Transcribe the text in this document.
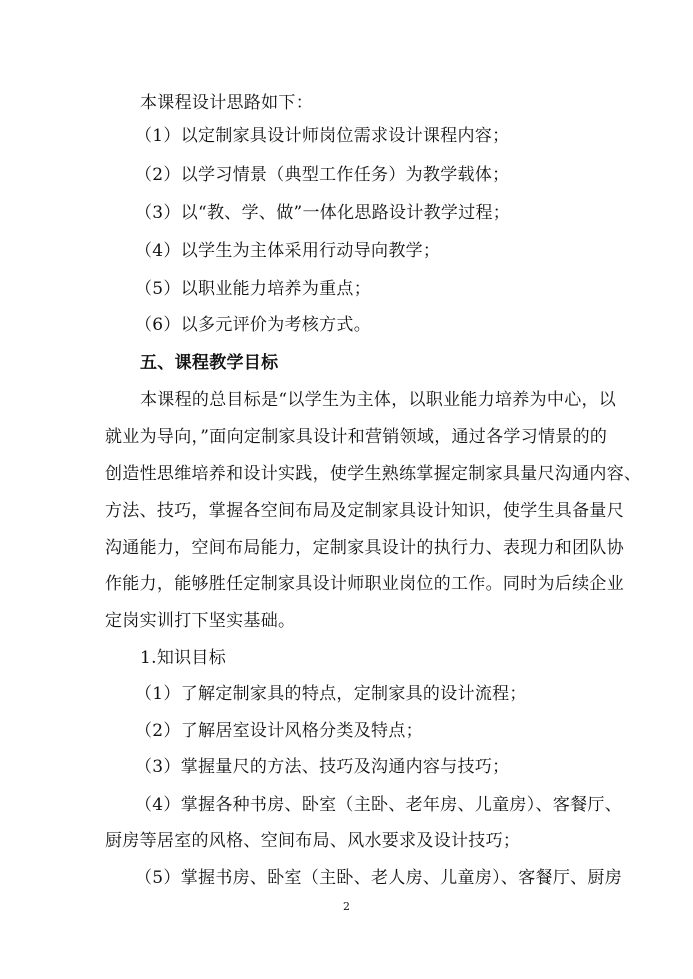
本课程设计思路如下：
（1）以定制家具设计师岗位需求设计课程内容；
（2）以学习情景（典型工作任务）为教学载体；
（3）以“教、学、做”一体化思路设计教学过程；
（4）以学生为主体采用行动导向教学；
（5）以职业能力培养为重点；
（6）以多元评价为考核方式。
五、课程教学目标
本课程的总目标是“以学生为主体，以职业能力培养为中心，以
就业为导向，”面向定制家具设计和营销领域，通过各学习情景的的
创造性思维培养和设计实践，使学生熟练掌握定制家具量尺沟通内容、
方法、技巧，掌握各空间布局及定制家具设计知识，使学生具备量尺
沟通能力，空间布局能力，定制家具设计的执行力、表现力和团队协
作能力，能够胜任定制家具设计师职业岗位的工作。同时为后续企业
定岗实训打下坚实基础。
1.知识目标
（1）了解定制家具的特点，定制家具的设计流程；
（2）了解居室设计风格分类及特点；
（3）掌握量尺的方法、技巧及沟通内容与技巧；
（4）掌握各种书房、卧室（主卧、老年房、儿童房）、客餐厅、
厨房等居室的风格、空间布局、风水要求及设计技巧；
（5）掌握书房、卧室（主卧、老人房、儿童房）、客餐厅、厨房
2
